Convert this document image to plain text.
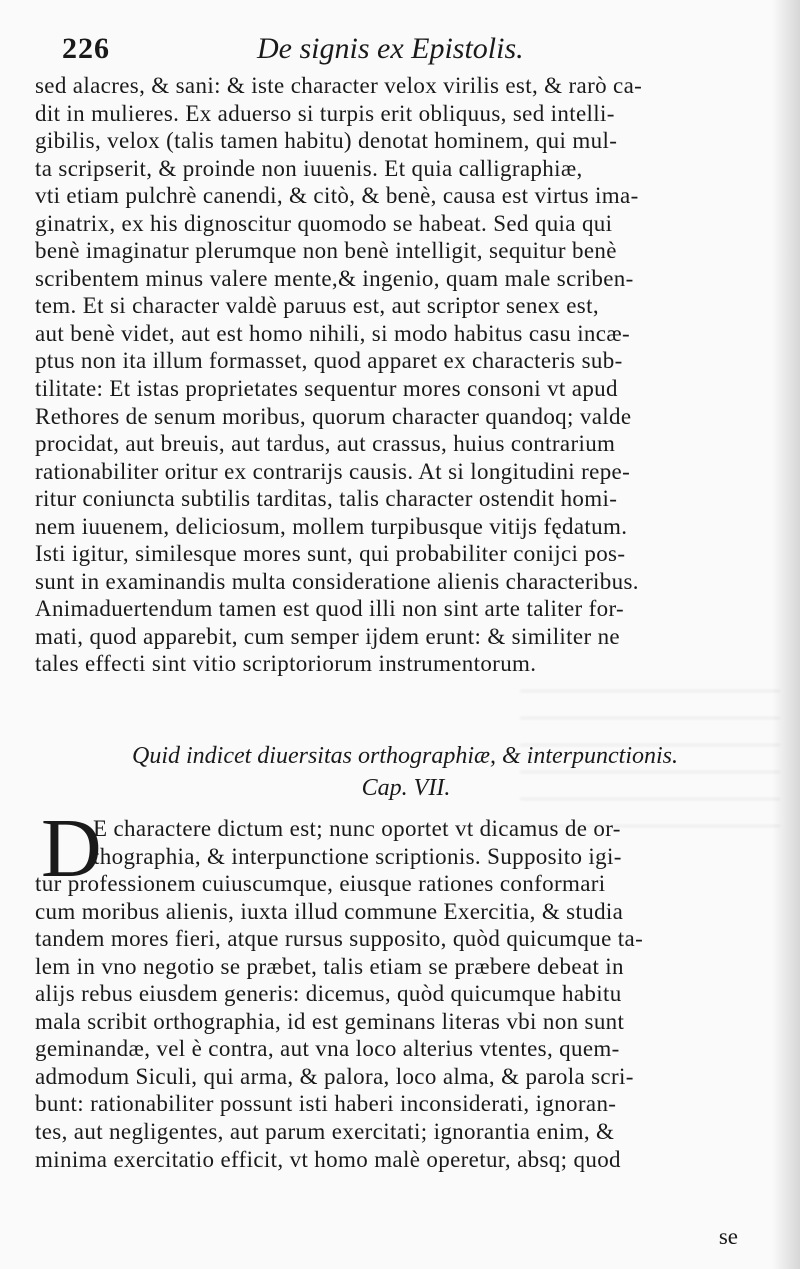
226	De signis ex Epistolis.
sed alacres, & sani: & iste character velox virilis est, & rarò ca-
dit in mulieres. Ex aduerso si turpis erit obliquus, sed intelli-
gibilis, velox (talis tamen habitu) denotat hominem, qui mul-
ta scripserit, & proinde non iuuenis. Et quia calligraphiæ,
vti etiam pulchrè canendi, & citò, & benè, causa est virtus ima-
ginatrix, ex his dignoscitur quomodo se habeat. Sed quia qui
benè imaginatur plerumque non benè intelligit, sequitur benè
scribentem minus valere mente,& ingenio, quam male scriben-
tem. Et si character valdè paruus est, aut scriptor senex est,
aut benè videt, aut est homo nihili, si modo habitus casu incæ-
ptus non ita illum formasset, quod apparet ex characteris sub-
tilitate: Et istas proprietates sequentur mores consoni vt apud
Rethores de senum moribus, quorum character quandoq; valde
procidat, aut breuis, aut tardus, aut crassus, huius contrarium
rationabiliter oritur ex contrarijs causis. At si longitudini repe-
ritur coniuncta subtilis tarditas, talis character ostendit homi-
nem iuuenem, deliciosum, mollem turpibusque vitijs fędatum.
Isti igitur, similesque mores sunt, qui probabiliter conijci pos-
sunt in examinandis multa consideratione alienis characteribus.
Animaduertendum tamen est quod illi non sint arte taliter for-
mati, quod apparebit, cum semper ijdem erunt: & similiter ne
tales effecti sint vitio scriptoriorum instrumentorum.
Quid indicet diuersitas orthographiæ, & interpunctionis.
Cap. VII.
D
E charactere dictum est; nunc oportet vt dicamus de or-
thographia, & interpunctione scriptionis. Supposito igi-
tur professionem cuiuscumque, eiusque rationes conformari
cum moribus alienis, iuxta illud commune Exercitia, & studia
tandem mores fieri, atque rursus supposito, quòd quicumque ta-
lem in vno negotio se præbet, talis etiam se præbere debeat in
alijs rebus eiusdem generis: dicemus, quòd quicumque habitu
mala scribit orthographia, id est geminans literas vbi non sunt
geminandæ, vel è contra, aut vna loco alterius vtentes, quem-
admodum Siculi, qui arma, & palora, loco alma, & parola scri-
bunt: rationabiliter possunt isti haberi inconsiderati, ignoran-
tes, aut negligentes, aut parum exercitati; ignorantia enim, &
minima exercitatio efficit, vt homo malè operetur, absq; quod
se
